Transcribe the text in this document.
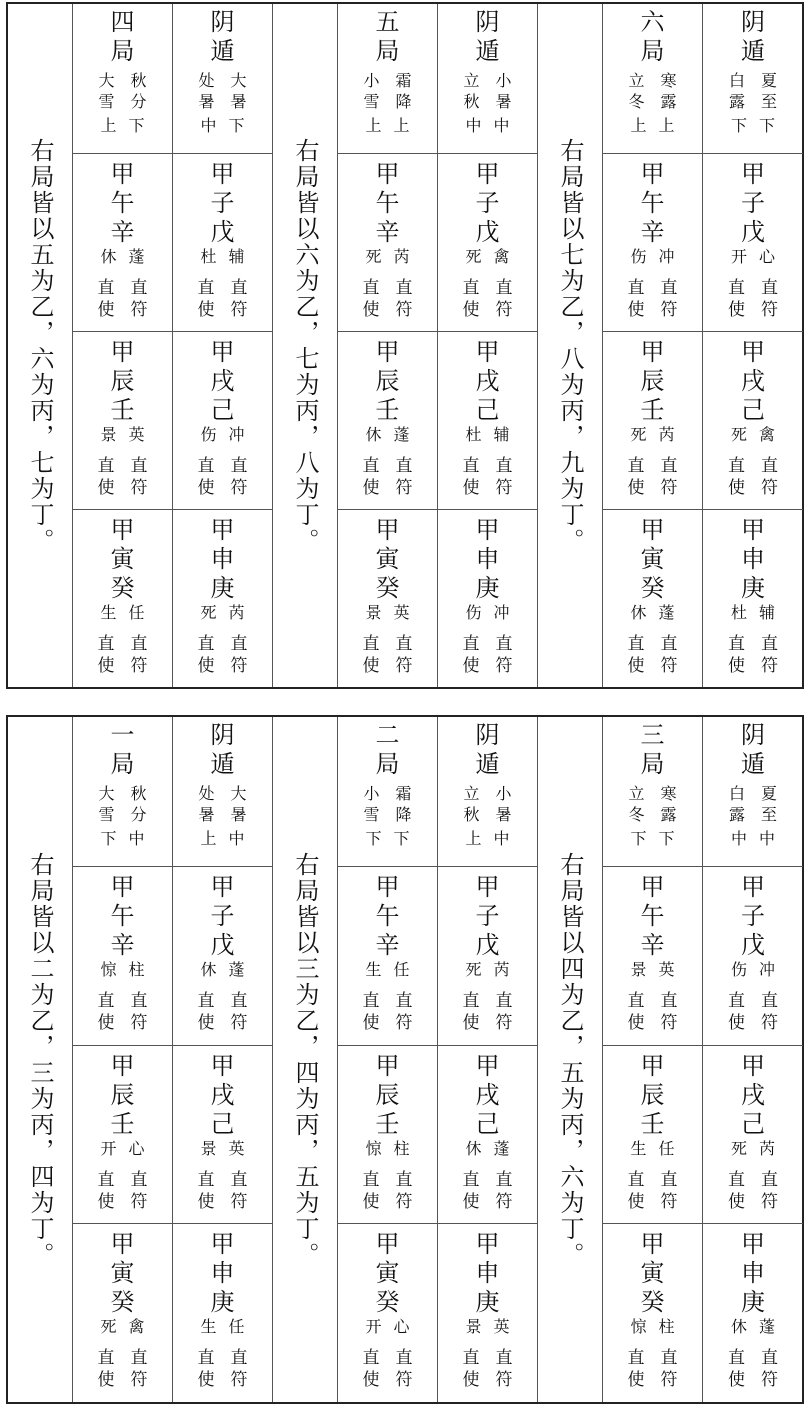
右局皆以五为乙，六为丙，七为丁。
四
局
大
雪
秋
分
上 下
甲
午
辛
休 蓬
直
使
直
符
甲
辰
壬
景 英
直
使
直
符
甲
寅
癸
生 任
直
使
直
符
阴
遁
处
暑
大
暑
中 下
甲
子
戊
杜 辅
直
使
直
符
甲
戌
己
伤 冲
直
使
直
符
甲
申
庚
死 芮
直
使
直
符
右局皆以六为乙，七为丙，八为丁。
五
局
小
雪
霜
降
上 上
甲
午
辛
死 芮
直
使
直
符
甲
辰
壬
休 蓬
直
使
直
符
甲
寅
癸
景 英
直
使
直
符
阴
遁
立
秋
小
暑
中 中
甲
子
戊
死 禽
直
使
直
符
甲
戌
己
杜 辅
直
使
直
符
甲
申
庚
伤 冲
直
使
直
符
右局皆以七为乙，八为丙，九为丁。
六
局
立
冬
寒
露
上 上
甲
午
辛
伤 冲
直
使
直
符
甲
辰
壬
死 芮
直
使
直
符
甲
寅
癸
休 蓬
直
使
直
符
阴
遁
白
露
夏
至
下 下
甲
子
戊
开 心
直
使
直
符
甲
戌
己
死 禽
直
使
直
符
甲
申
庚
杜 辅
直
使
直
符
右局皆以二为乙，三为丙，四为丁。
一
局
大
雪
秋
分
下 中
甲
午
辛
惊 柱
直
使
直
符
甲
辰
壬
开 心
直
使
直
符
甲
寅
癸
死 禽
直
使
直
符
阴
遁
处
暑
大
暑
上 中
甲
子
戊
休 蓬
直
使
直
符
甲
戌
己
景 英
直
使
直
符
甲
申
庚
生 任
直
使
直
符
右局皆以三为乙，四为丙，五为丁。
二
局
小
雪
霜
降
下 下
甲
午
辛
生 任
直
使
直
符
甲
辰
壬
惊 柱
直
使
直
符
甲
寅
癸
开 心
直
使
直
符
阴
遁
立
秋
小
暑
上 中
甲
子
戊
死 芮
直
使
直
符
甲
戌
己
休 蓬
直
使
直
符
甲
申
庚
景 英
直
使
直
符
右局皆以四为乙，五为丙，六为丁。
三
局
立
冬
寒
露
下 下
甲
午
辛
景 英
直
使
直
符
甲
辰
壬
生 任
直
使
直
符
甲
寅
癸
惊 柱
直
使
直
符
阴
遁
白
露
夏
至
中 中
甲
子
戊
伤 冲
直
使
直
符
甲
戌
己
死 芮
直
使
直
符
甲
申
庚
休 蓬
直
使
直
符
